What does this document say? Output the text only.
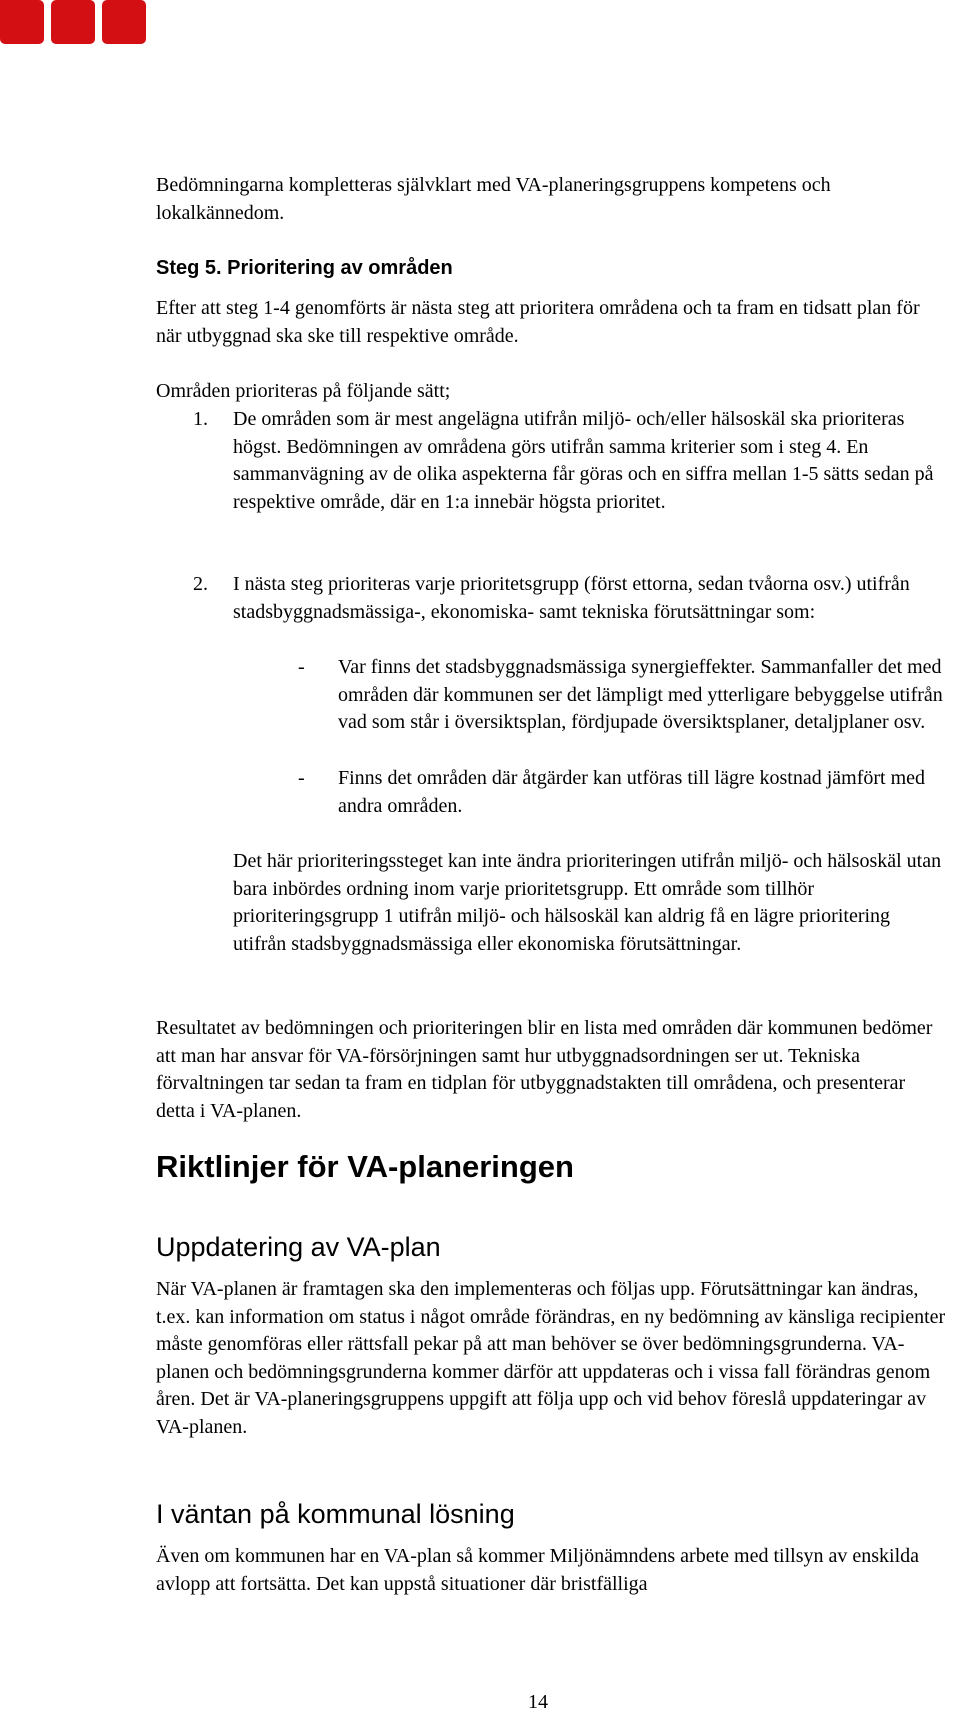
Bedömningarna kompletteras självklart med VA-planeringsgruppens kompetens och lokalkännedom.

Steg 5. Prioritering av områden

Efter att steg 1-4 genomförts är nästa steg att prioritera områdena och ta fram en tidsatt plan för när utbyggnad ska ske till respektive område.

Områden prioriteras på följande sätt;
1. De områden som är mest angelägna utifrån miljö- och/eller hälsoskäl ska prioriteras högst. Bedömningen av områdena görs utifrån samma kriterier som i steg 4. En sammanvägning av de olika aspekterna får göras och en siffra mellan 1-5 sätts sedan på respektive område, där en 1:a innebär högsta prioritet.

2. I nästa steg prioriteras varje prioritetsgrupp (först ettorna, sedan tvåorna osv.) utifrån stadsbyggnadsmässiga-, ekonomiska- samt tekniska förutsättningar som:

- Var finns det stadsbyggnadsmässiga synergieffekter. Sammanfaller det med områden där kommunen ser det lämpligt med ytterligare bebyggelse utifrån vad som står i översiktsplan, fördjupade översiktsplaner, detaljplaner osv.

- Finns det områden där åtgärder kan utföras till lägre kostnad jämfört med andra områden.

Det här prioriteringssteget kan inte ändra prioriteringen utifrån miljö- och hälsoskäl utan bara inbördes ordning inom varje prioritetsgrupp. Ett område som tillhör prioriteringsgrupp 1 utifrån miljö- och hälsoskäl kan aldrig få en lägre prioritering utifrån stadsbyggnadsmässiga eller ekonomiska förutsättningar.

Resultatet av bedömningen och prioriteringen blir en lista med områden där kommunen bedömer att man har ansvar för VA-försörjningen samt hur utbyggnadsordningen ser ut. Tekniska förvaltningen tar sedan ta fram en tidplan för utbyggnadstakten till områdena, och presenterar detta i VA-planen.

Riktlinjer för VA-planeringen
Uppdatering av VA-plan

När VA-planen är framtagen ska den implementeras och följas upp. Förutsättningar kan ändras, t.ex. kan information om status i något område förändras, en ny bedömning av känsliga recipienter måste genomföras eller rättsfall pekar på att man behöver se över bedömningsgrunderna. VA-planen och bedömningsgrunderna kommer därför att uppdateras och i vissa fall förändras genom åren. Det är VA-planeringsgruppens uppgift att följa upp och vid behov föreslå uppdateringar av VA-planen.

I väntan på kommunal lösning

Även om kommunen har en VA-plan så kommer Miljönämndens arbete med tillsyn av enskilda avlopp att fortsätta. Det kan uppstå situationer där bristfälliga

14
